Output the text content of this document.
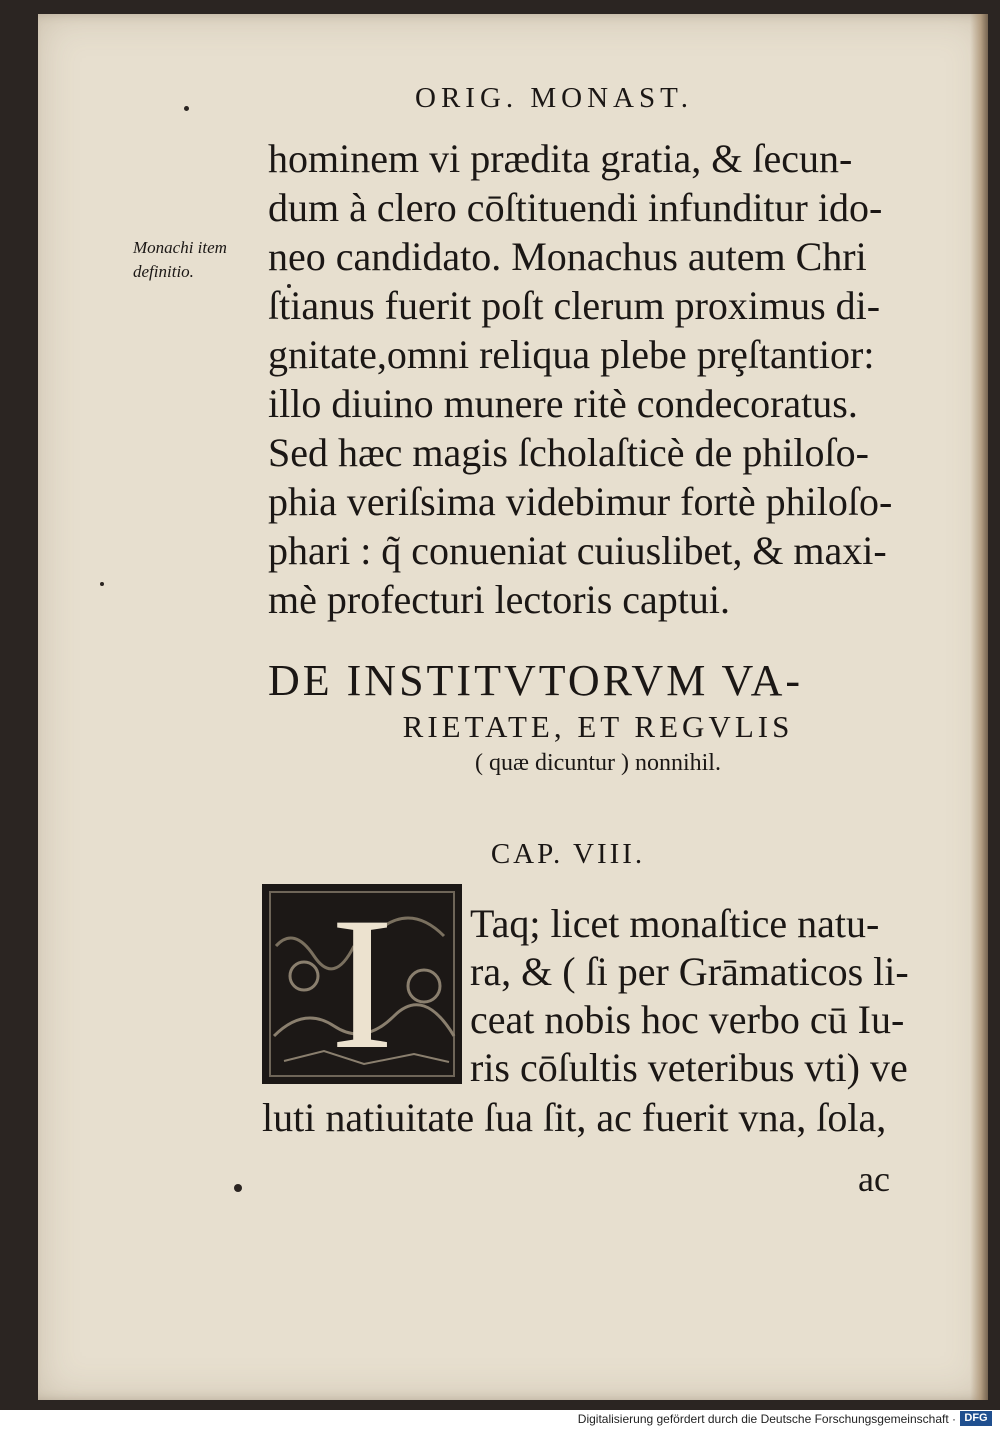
ORIG. MONAST.
Monachi item
definitio.
hominem vi prædita gratia, & ſecun-
dum à clero cōſtituendi infunditur ido-
neo candidato. Monachus autem Chri
ſtianus fuerit poſt clerum proximus di-
gnitate,omni reliqua plebe prȩſtantior:
illo diuino munere ritè condecoratus.
Sed hæc magis ſcholaſticè de philoſo-
phia veriſsima videbimur fortè philoſo-
phari : q̃ conueniat cuiuslibet, & maxi-
mè profecturi lectoris captui.
DE INSTITVTORVM VA-
RIETATE, ET REGVLIS
( quæ dicuntur ) nonnihil.
CAP. VIII.
I	Taq; licet monaſtice natu-
ra, & ( ſi per Grāmaticos li-
ceat nobis hoc verbo cū Iu-
ris cōſultis veteribus vti) ve
luti natiuitate ſua ſit, ac fuerit vna, ſola,
ac
Digitalisierung gefördert durch die Deutsche Forschungsgemeinschaft · DFG
